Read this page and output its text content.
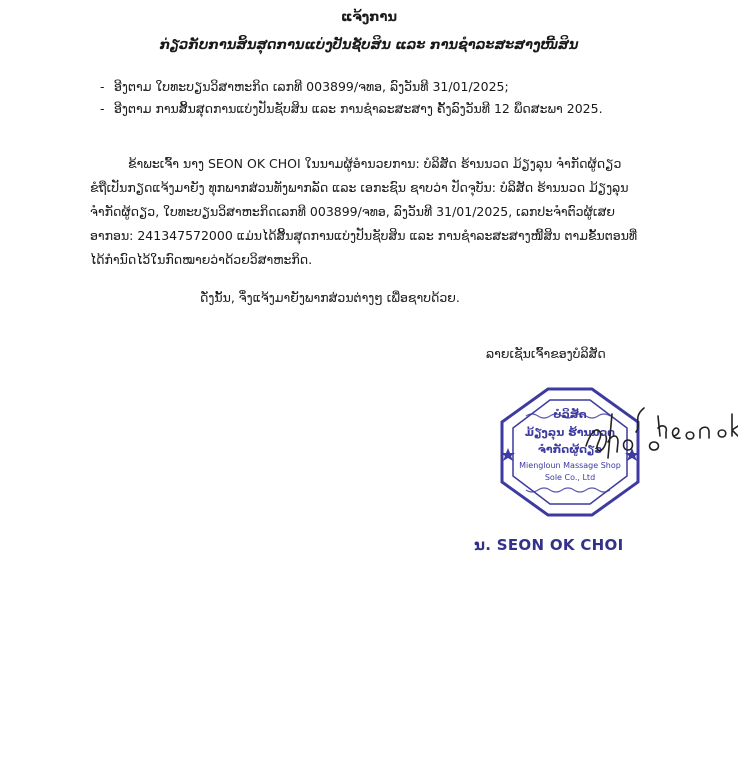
ແຈ້ງການ
ກ່ຽວກັບການສິ້ນສຸດການແບ່ງປັນຊັບສິນ ແລະ ການຊໍາລະສະສາງໜີ້ສິນ
- ອີງຕາມ ໃບທະບຽນວິສາຫະກິດ ເລກທີ 003899/ຈທອ, ລົງວັນທີ 31/01/2025;
- ອີງຕາມ ການສິ້ນສຸດການແບ່ງປັນຊັບສິນ ແລະ ການຊໍາລະສະສາງ ຄັ້ງລົງວັນທີ 12 ພຶດສະພາ 2025.
ຂ້າພະເຈົ້າ ນາງ SEON OK CHOI ໃນນາມຜູ້ອຳນວຍການ: ບໍລິສັດ ຮ້ານນວດ ມ້ຽງລຸນ ຈຳກັດຜູ້ດຽວ
ຂໍຖືເປັນກຽດແຈ້ງມາຍັງ ທຸກພາກສ່ວນທັງພາກລັດ ແລະ ເອກະຊົນ ຊາບວ່າ ປັດຈຸບັນ: ບໍລິສັດ ຮ້ານນວດ ມ້ຽງລຸນ
ຈຳກັດຜູ້ດຽວ, ໃບທະບຽນວິສາຫະກິດເລກທີ 003899/ຈທອ, ລົງວັນທີ 31/01/2025, ເລກປະຈຳຕົວຜູ້ເສຍ
ອາກອນ: 241347572000 ແມ່ນໄດ້ສິ້ນສຸດການແບ່ງປັນຊັບສິນ ແລະ ການຊໍາລະສະສາງໜີ້ສິນ ຕາມຂັ້ນຕອນທີ່
ໄດ້ກຳນົດໄວ້ໃນກົດໝາຍວ່າດ້ວຍວິສາຫະກິດ.
ດັ່ງນັ້ນ, ຈຶ່ງແຈ້ງມາຍັງພາກສ່ວນຕ່າງໆ ເພື່ອຊາບດ້ວຍ.
ລາຍເຊັນເຈົ້າຂອງບໍລິສັດ
ບໍລິສັດ
ມ້ຽງລຸນ ຮ້ານນວດ
ຈຳກັດຜູ້ດຽວ
Miengloun Massage Shop
Sole Co., Ltd
ນ. SEON OK CHOI
